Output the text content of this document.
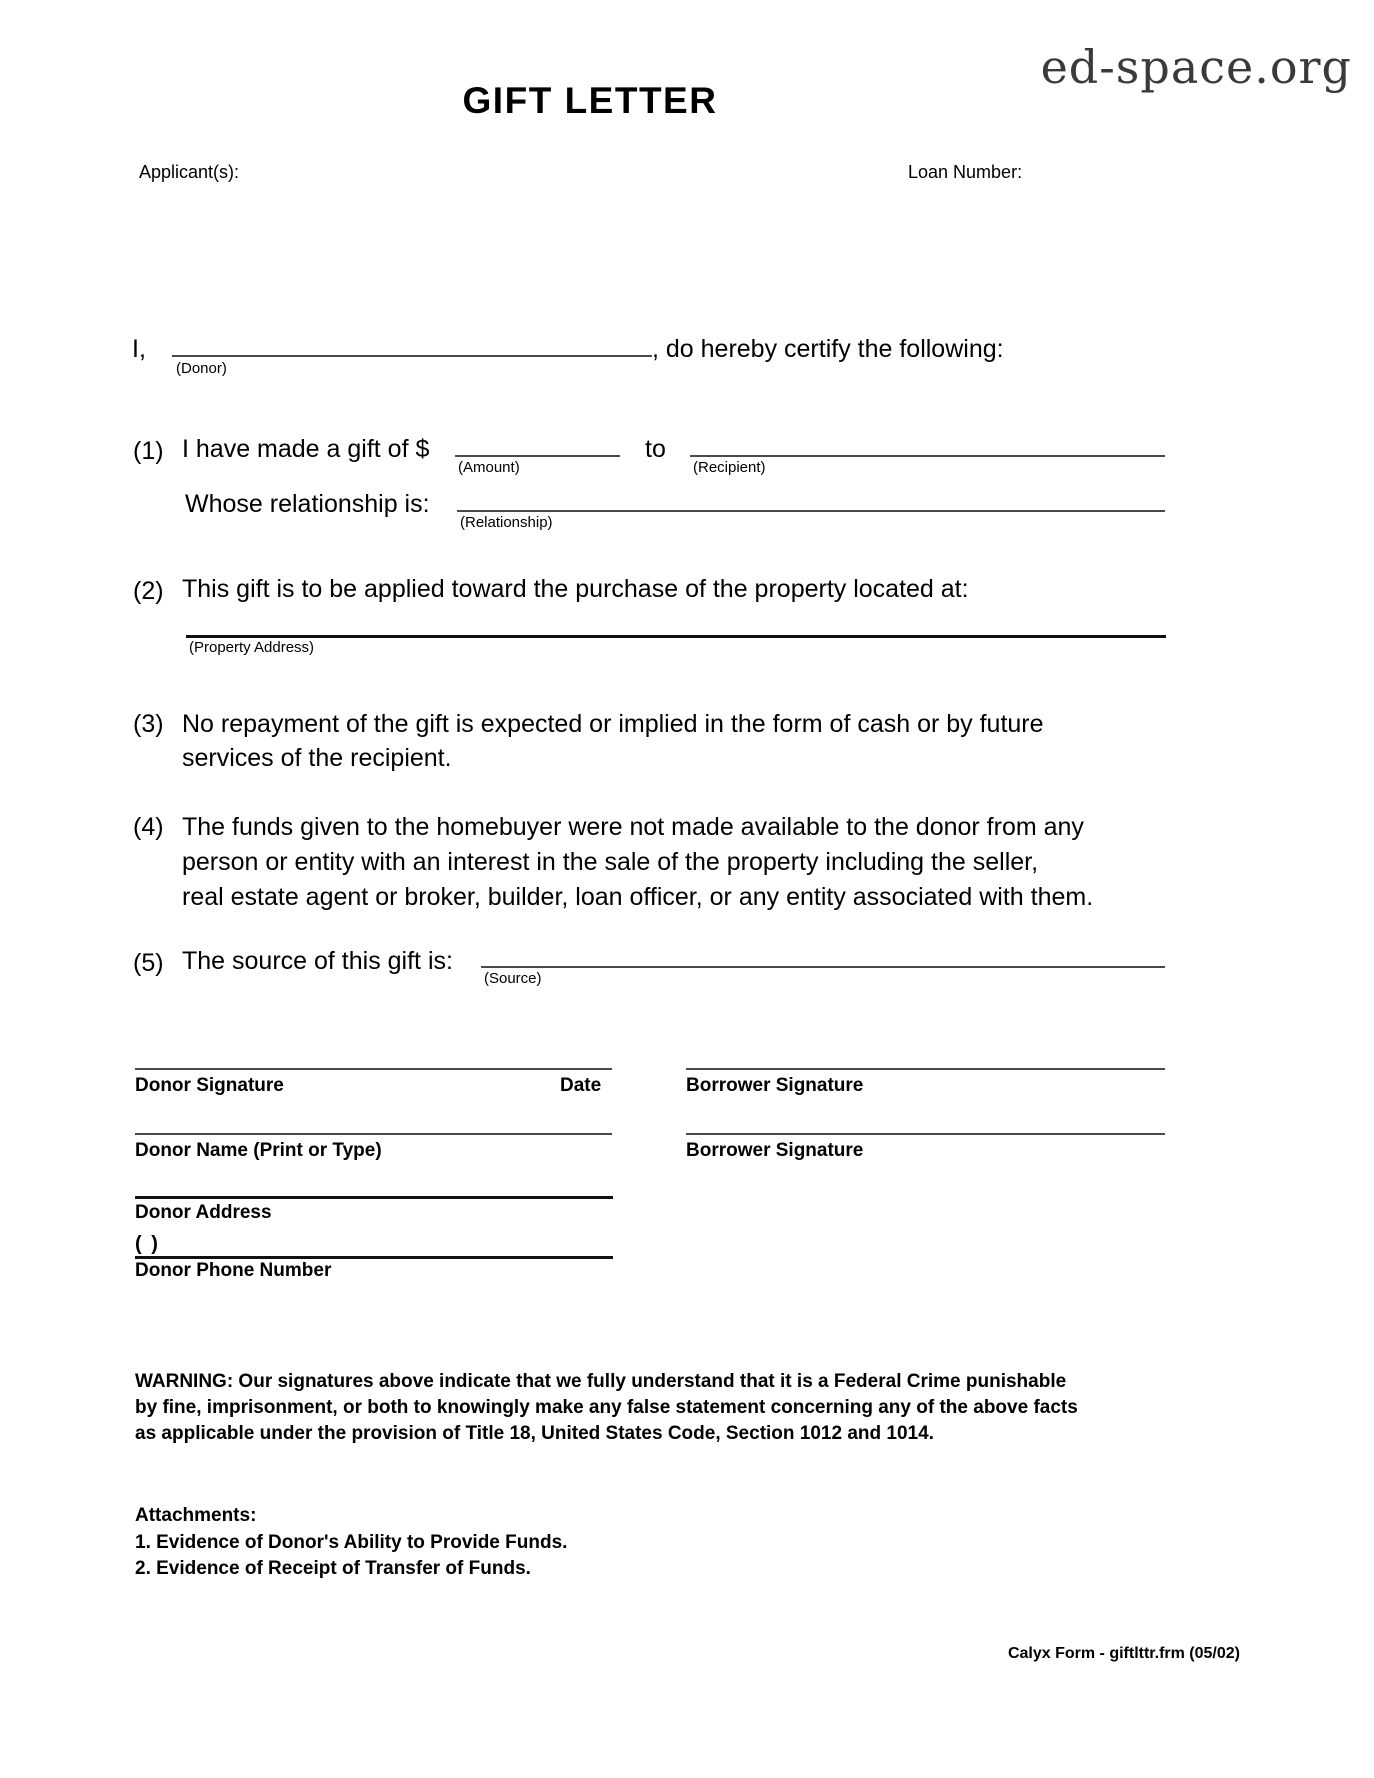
ed-space.org
GIFT LETTER
Applicant(s):	Loan Number:
I,
(Donor)
, do hereby certify the following:
(1) I have made a gift of $
(Amount)
to
(Recipient)
Whose relationship is:
(Relationship)
(2) This gift is to be applied toward the purchase of the property located at:
(Property Address)
(3) No repayment of the gift is expected or implied in the form of cash or by future
services of the recipient.
(4) The funds given to the homebuyer were not made available to the donor from any
person or entity with an interest in the sale of the property including the seller,
real estate agent or broker, builder, loan officer, or any entity associated with them.
(5) The source of this gift is:
(Source)
Donor Signature	Date	Borrower Signature
Donor Name (Print or Type)	Borrower Signature
Donor Address
( )
Donor Phone Number
WARNING: Our signatures above indicate that we fully understand that it is a Federal Crime punishable
by fine, imprisonment, or both to knowingly make any false statement concerning any of the above facts
as applicable under the provision of Title 18, United States Code, Section 1012 and 1014.
Attachments:
1. Evidence of Donor's Ability to Provide Funds.
2. Evidence of Receipt of Transfer of Funds.
Calyx Form - giftlttr.frm (05/02)
